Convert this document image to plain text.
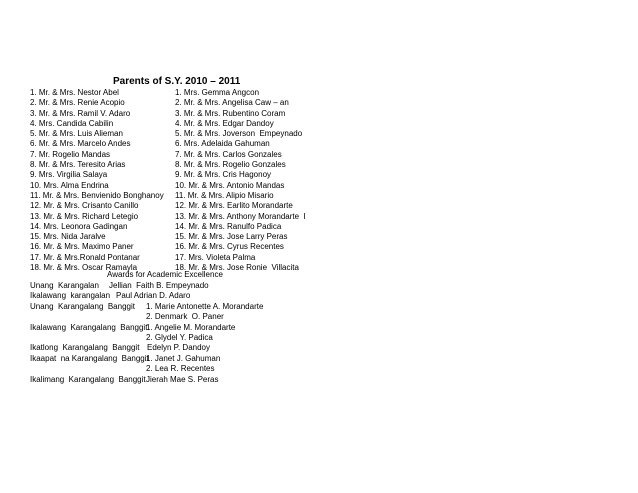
Parents of S.Y. 2010 – 2011
1. Mr. & Mrs. Nestor Abel
2. Mr. & Mrs. Renie Acopio
3. Mr. & Mrs. Ramil V. Adaro
4. Mrs. Candida Cabilin
5. Mr. & Mrs. Luis Alieman
6. Mr. & Mrs. Marcelo Andes
7. Mr. Rogelio Mandas
8. Mr. & Mrs. Teresito Arias
9. Mrs. Virgilia Salaya
10. Mrs. Alma Endrina
11. Mr. & Mrs. Benvienido Bonghanoy
12. Mr. & Mrs. Crisanto Canillo
13. Mr. & Mrs. Richard Letegio
14. Mrs. Leonora Gadingan
15. Mrs. Nida Jaralve
16. Mr. & Mrs. Maximo Paner
17. Mr. & Mrs.Ronald Pontanar
18. Mr. & Mrs. Oscar Ramayla
1. Mrs. Gemma Angcon
2. Mr. & Mrs. Angelisa Caw – an
3. Mr. & Mrs. Rubentino Coram
4. Mr. & Mrs. Edgar Dandoy
5. Mr. & Mrs. Joverson  Empeynado
6. Mrs. Adelaida Gahuman
7. Mr. & Mrs. Carlos Gonzales
8. Mr. & Mrs. Rogelio Gonzales
9. Mr. & Mrs. Cris Hagonoy
10. Mr. & Mrs. Antonio Mandas
11. Mr. & Mrs. Alipio Misario
12. Mr. & Mrs. Earlito Morandarte
13. Mr. & Mrs. Anthony Morandarte  I
14. Mr. & Mrs. Ranulfo Padica
15. Mr. & Mrs. Jose Larry Peras
16. Mr. & Mrs. Cyrus Recentes
17. Mrs. Violeta Palma
18. Mr. & Mrs. Jose Ronie  Villacita
Awards for Academic Excellence

Unang  Karangalan

Jellian  Faith B. Empeynado

Ikalawang  karangalan

Paul Adrian D. Adaro

Unang  Karangalang  Banggit

1. Marie Antonette A. Morandarte

2. Denmark  O. Paner

Ikalawang  Karangalang  Banggit

1. Angelie M. Morandarte

2. Glydel Y. Padica

Ikatlong  Karangalang  Banggit

Edelyn P. Dandoy

Ikaapat  na Karangalang  Banggit

1. Janet J. Gahuman

2. Lea R. Recentes

Ikalimang  Karangalang  Banggit

Jierah Mae S. Peras
